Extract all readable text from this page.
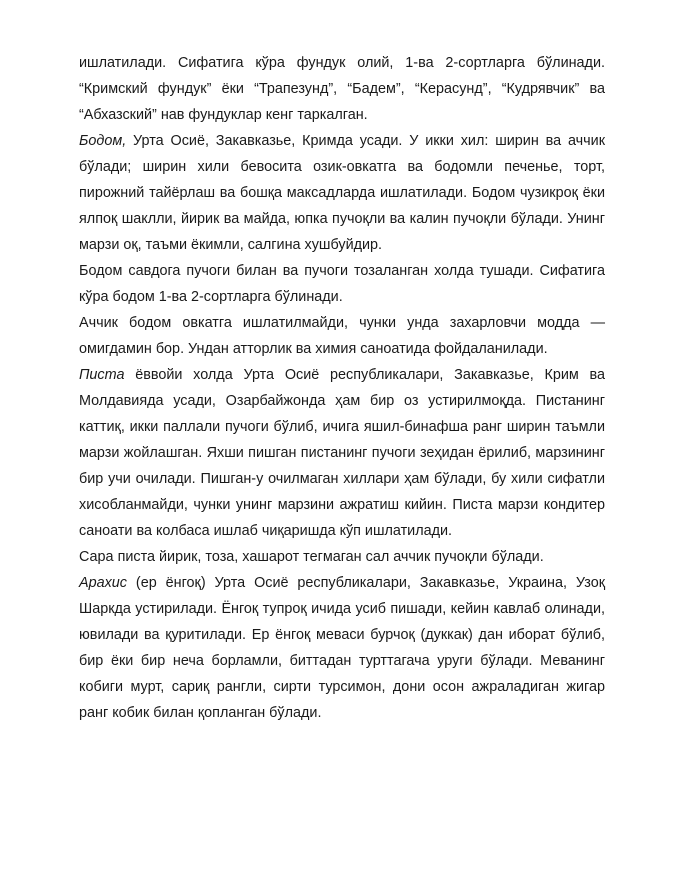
ишлатилади. Сифатига кўра фундук олий, 1-ва 2-сортларга бўлинади. “Кримский фундук” ёки “Трапезунд”, “Бадем”, “Керасунд”, “Кудрявчик” ва “Абхазский” нав фундуклар кенг таркалган.

Бодом, Урта Осиё, Закавказье, Кримда усади. У икки хил: ширин ва аччик бўлади; ширин хили бевосита озик-овкатга ва бодомли печенье, торт, пирожний тайёрлаш ва бошқа максадларда ишлатилади. Бодом чузикроқ ёки ялпоқ шаклли, йирик ва майда, юпка пучоқли ва калин пучоқли бўлади. Унинг марзи оқ, таъми ёкимли, салгина хушбуйдир.

Бодом савдога пучоги билан ва пучоги тозаланган холда тушади. Сифатига кўра бодом 1-ва 2-сортларга бўлинади.

Аччик бодом овкатга ишлатилмайди, чунки унда захарловчи модда — омигдамин бор. Ундан атторлик ва химия саноатида фойдаланилади.

Писта ёввойи холда Урта Осиё республикалари, Закавказье, Крим ва Молдавияда усади, Озарбайжонда ҳам бир оз устирилмоқда. Пистанинг каттиқ, икки паллали пучоги бўлиб, ичига яшил-бинафша ранг ширин таъмли марзи жойлашган. Яхши пишган пистанинг пучоги зеҳидан ёрилиб, марзининг бир учи очилади. Пишган-у очилмаган хиллари ҳам бўлади, бу хили сифатли хисобланмайди, чунки унинг марзини ажратиш кийин. Писта марзи кондитер саноати ва колбаса ишлаб чиқаришда кўп ишлатилади.

Сара писта йирик, тоза, хашарот тегмаган сал аччик пучоқли бўлади.

Арахис (ер ёнгоқ) Урта Осиё республикалари, Закавказье, Украина, Узоқ Шаркда устирилади. Ёнгоқ тупроқ ичида усиб пишади, кейин кавлаб олинади, ювилади ва қуритилади. Ер ёнгоқ меваси бурчоқ (дуккак) дан иборат бўлиб, бир ёки бир неча борламли, биттадан турттагача уруги бўлади. Меванинг кобиги мурт, сариқ рангли, сирти турсимон, дони осон ажраладиган жигар ранг кобик билан қопланган бўлади.
